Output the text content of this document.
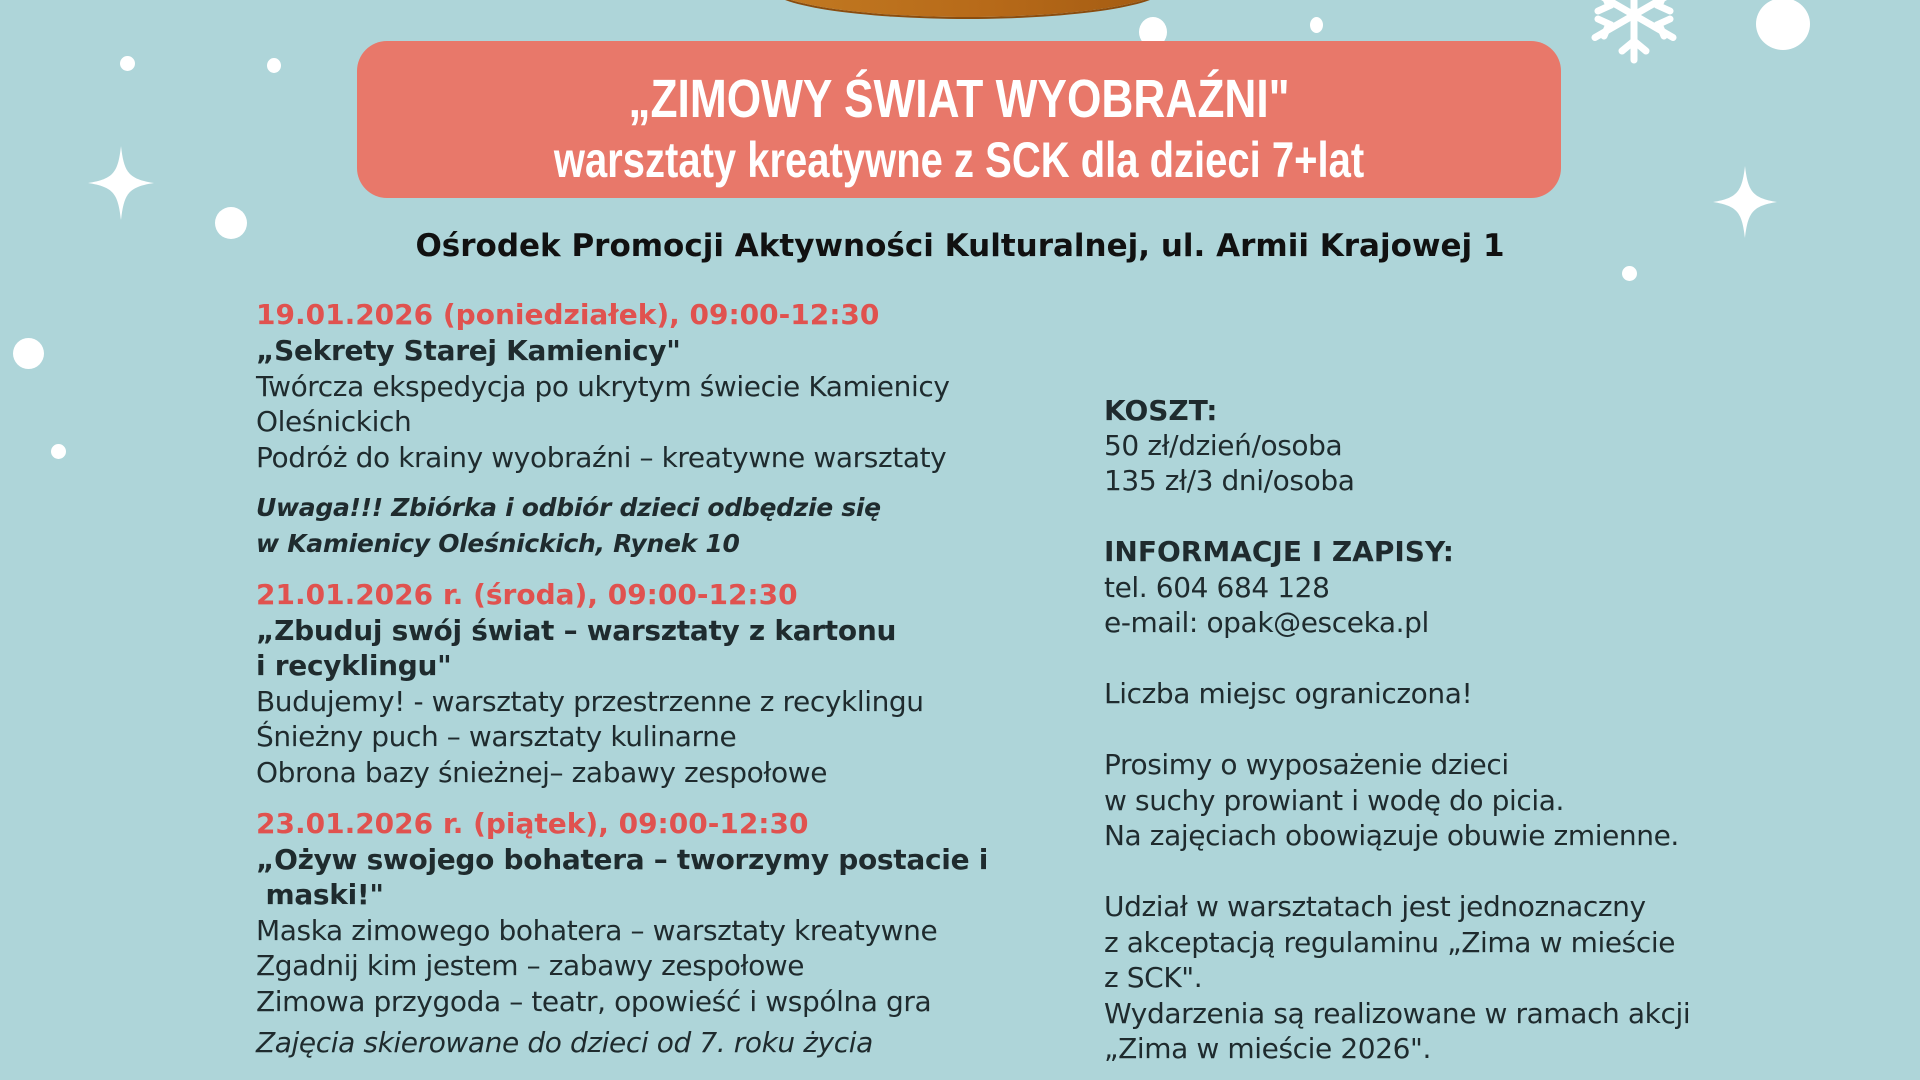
„ZIMOWY ŚWIAT WYOBRAŹNI"
warsztaty kreatywne z SCK dla dzieci 7+lat
Ośrodek Promocji Aktywności Kulturalnej, ul. Armii Krajowej 1
19.01.2026 (poniedziałek), 09:00-12:30
„Sekrety Starej Kamienicy"
Twórcza ekspedycja po ukrytym świecie Kamienicy
Oleśnickich
Podróż do krainy wyobraźni – kreatywne warsztaty
Uwaga!!! Zbiórka i odbiór dzieci odbędzie się
w Kamienicy Oleśnickich, Rynek 10
21.01.2026 r. (środa), 09:00-12:30
„Zbuduj swój świat – warsztaty z kartonu
i recyklingu"
Budujemy! - warsztaty przestrzenne z recyklingu
Śnieżny puch – warsztaty kulinarne
Obrona bazy śnieżnej– zabawy zespołowe
23.01.2026 r. (piątek), 09:00-12:30
„Ożyw swojego bohatera – tworzymy postacie i
maski!"
Maska zimowego bohatera – warsztaty kreatywne
Zgadnij kim jestem – zabawy zespołowe
Zimowa przygoda – teatr, opowieść i wspólna gra
Zajęcia skierowane do dzieci od 7. roku życia
KOSZT:
50 zł/dzień/osoba
135 zł/3 dni/osoba
INFORMACJE I ZAPISY:
tel. 604 684 128
e-mail: opak@esceka.pl
Liczba miejsc ograniczona!
Prosimy o wyposażenie dzieci
w suchy prowiant i wodę do picia.
Na zajęciach obowiązuje obuwie zmienne.
Udział w warsztatach jest jednoznaczny
z akceptacją regulaminu „Zima w mieście
z SCK".
Wydarzenia są realizowane w ramach akcji
„Zima w mieście 2026".
